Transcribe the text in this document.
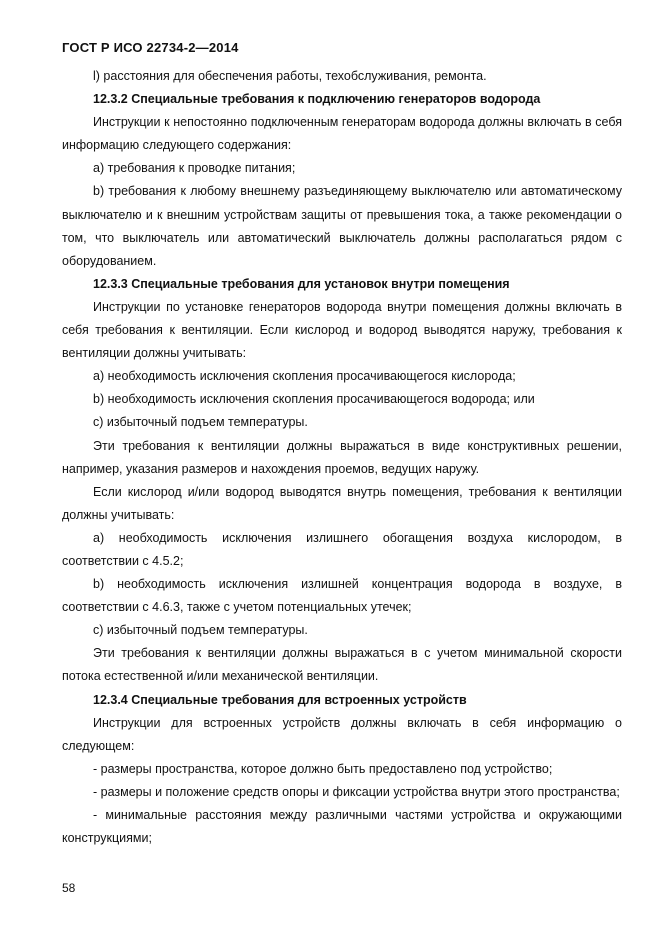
ГОСТ Р ИСО 22734-2—2014

l) расстояния для обеспечения работы, техобслуживания, ремонта.

12.3.2 Специальные требования к подключению генераторов водорода

Инструкции к непостоянно подключенным генераторам водорода должны включать в себя информацию следующего содержания:

a) требования к проводке питания;

b) требования к любому внешнему разъединяющему выключателю или автоматическому выключателю и к внешним устройствам защиты от превышения тока, а также рекомендации о том, что выключатель или автоматический выключатель должны располагаться рядом с оборудованием.

12.3.3 Специальные требования для установок внутри помещения

Инструкции по установке генераторов водорода внутри помещения должны включать в себя требования к вентиляции. Если кислород и водород выводятся наружу, требования к вентиляции должны учитывать:

a) необходимость исключения скопления просачивающегося кислорода;

b) необходимость исключения скопления просачивающегося водорода; или

c) избыточный подъем температуры.

Эти требования к вентиляции должны выражаться в виде конструктивных решении, например, указания размеров и нахождения проемов, ведущих наружу.

Если кислород и/или водород выводятся внутрь помещения, требования к вентиляции должны учитывать:

a) необходимость исключения излишнего обогащения воздуха кислородом, в соответствии с 4.5.2;

b) необходимость исключения излишней концентрация водорода в воздухе, в соответствии с 4.6.3, также с учетом потенциальных утечек;

c) избыточный подъем температуры.

Эти требования к вентиляции должны выражаться в с учетом минимальной скорости потока естественной и/или механической вентиляции.

12.3.4 Специальные требования для встроенных устройств

Инструкции для встроенных устройств должны включать в себя информацию о следующем:

- размеры пространства, которое должно быть предоставлено под устройство;

- размеры и положение средств опоры и фиксации устройства внутри этого пространства;

- минимальные расстояния между различными частями устройства и окружающими конструкциями;

58
